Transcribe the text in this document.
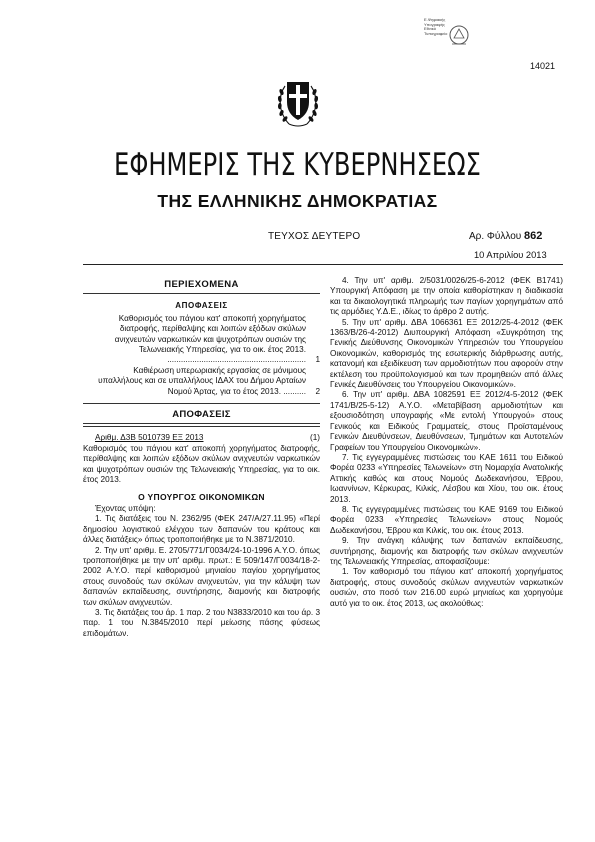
Ε.Ψηφιακής
Υπογραφής
Εθνικό
Τυπογραφείο
14021
ΕΦΗΜΕΡΙΣ ΤΗΣ ΚΥΒΕΡΝΗΣΕΩΣ
ΤΗΣ ΕΛΛΗΝΙΚΗΣ ΔΗΜΟΚΡΑΤΙΑΣ
ΤΕΥΧΟΣ ΔΕΥΤΕΡΟ	Αρ. Φύλλου 862
10 Απριλίου 2013
ΠΕΡΙΕΧΟΜΕΝΑ
ΑΠΟΦΑΣΕΙΣ
Καθορισμός του πάγιου κατ' αποκοπή χορηγήματος διατροφής, περίθαλψης και λοιπών εξόδων σκύλων ανιχνευτών ναρκωτικών και ψυχοτρόπων ουσιών της Τελωνειακής Υπηρεσίας, για το οικ. έτος 2013. .............................................................	1
Καθιέρωση υπερωριακής εργασίας σε μόνιμους υπαλλήλους και σε υπαλλήλους ΙΔΑΧ του Δήμου Αρταίων Νομού Άρτας, για το έτος 2013. ..........	2
ΑΠΟΦΑΣΕΙΣ
Αριθμ. Δ3Β 5010739 ΕΞ 2013	(1)
Καθορισμός του πάγιου κατ' αποκοπή χορηγήματος διατροφής, περίθαλψης και λοιπών εξόδων σκύλων ανιχνευτών ναρκωτικών και ψυχοτρόπων ουσιών της Τελωνειακής Υπηρεσίας, για το οικ. έτος 2013.
Ο ΥΠΟΥΡΓΟΣ ΟΙΚΟΝΟΜΙΚΩΝ
Έχοντας υπόψη:
1. Τις διατάξεις του Ν. 2362/95 (ΦΕΚ 247/Α/27.11.95) «Περί δημοσίου λογιστικού ελέγχου των δαπανών του κράτους και άλλες διατάξεις» όπως τροποποιήθηκε με το Ν.3871/2010.
2. Την υπ' αριθμ. Ε. 2705/771/Γ0034/24-10-1996 Α.Υ.Ο. όπως τροποποιήθηκε με την υπ' αριθμ. πρωτ.: Ε 509/147/Γ0034/18-2-2002 Α.Υ.Ο. περί καθορισμού μηνιαίου παγίου χορηγήματος στους συνοδούς των σκύλων ανιχνευτών, για την κάλυψη των δαπανών εκπαίδευσης, συντήρησης, διαμονής και διατροφής των σκύλων ανιχνευτών.
3. Τις διατάξεις του άρ. 1 παρ. 2 του Ν3833/2010 και του άρ. 3 παρ. 1 του Ν.3845/2010 περί μείωσης πάσης φύσεως επιδομάτων.
4. Την υπ' αριθμ. 2/5031/0026/25-6-2012 (ΦΕΚ Β1741) Υπουργική Απόφαση με την οποία καθορίστηκαν η διαδικασία και τα δικαιολογητικά πληρωμής των παγίων χορηγημάτων από τις αρμόδιες Υ.Δ.Ε., ιδίως το άρθρο 2 αυτής.
5. Την υπ' αριθμ. ΔΒΑ 1066361 ΕΞ 2012/25-4-2012 (ΦΕΚ 1363/Β/26-4-2012) Διυπουργική Απόφαση «Συγκρότηση της Γενικής Διεύθυνσης Οικονομικών Υπηρεσιών του Υπουργείου Οικονομικών, καθορισμός της εσωτερικής διάρθρωσης αυτής, κατανομή και εξειδίκευση των αρμοδιοτήτων που αφορούν στην εκτέλεση του προϋπολογισμού και των προμηθειών από άλλες Γενικές Διευθύνσεις του Υπουργείου Οικονομικών».
6. Την υπ' αριθμ. ΔΒΑ 1082591 ΕΞ 2012/4-5-2012 (ΦΕΚ 1741/Β/25-5-12) Α.Υ.Ο. «Μεταβίβαση αρμοδιοτήτων και εξουσιοδότηση υπογραφής «Με εντολή Υπουργού» στους Γενικούς και Ειδικούς Γραμματείς, στους Προϊσταμένους Γενικών Διευθύνσεων, Διευθύνσεων, Τμημάτων και Αυτοτελών Γραφείων του Υπουργείου Οικονομικών».
7. Τις εγγεγραμμένες πιστώσεις του ΚΑΕ 1611 του Ειδικού Φορέα 0233 «Υπηρεσίες Τελωνείων» στη Νομαρχία Ανατολικής Αττικής καθώς και στους Νομούς Δωδεκανήσου, Έβρου, Ιωαννίνων, Κέρκυρας, Κιλκίς, Λέσβου και Χίου, του οικ. έτους 2013.
8. Τις εγγεγραμμένες πιστώσεις του ΚΑΕ 9169 του Ειδικού Φορέα 0233 «Υπηρεσίες Τελωνείων» στους Νομούς Δωδεκανήσου, Έβρου και Κιλκίς, του οικ. έτους 2013.
9. Την ανάγκη κάλυψης των δαπανών εκπαίδευσης, συντήρησης, διαμονής και διατροφής των σκύλων ανιχνευτών της Τελωνειακής Υπηρεσίας, αποφασίζουμε:
1. Τον καθορισμό του πάγιου κατ' αποκοπή χορηγήματος διατροφής, στους συνοδούς σκύλων ανιχνευτών ναρκωτικών ουσιών, στο ποσό των 216.00 ευρώ μηνιαίως και χορηγούμε αυτό για το οικ. έτος 2013, ως ακολούθως:
